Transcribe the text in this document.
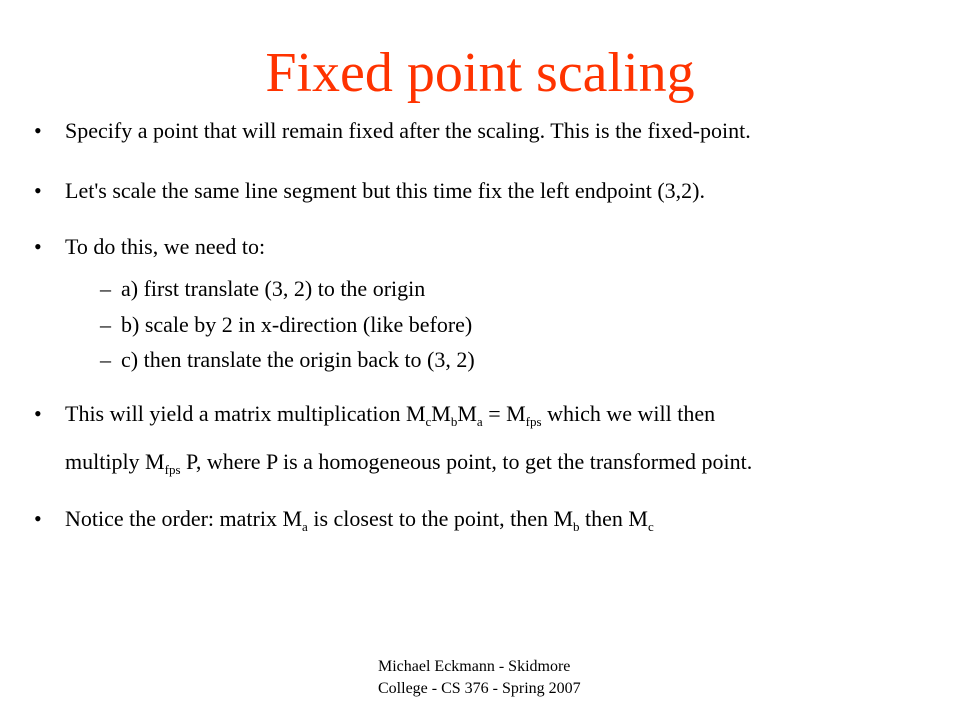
Fixed point scaling
• Specify a point that will remain fixed after the scaling. This is the fixed-point.
• Let's scale the same line segment but this time fix the left endpoint (3,2).
• To do this, we need to:
– a) first translate (3, 2) to the origin
– b) scale by 2 in x-direction (like before)
– c) then translate the origin back to (3, 2)
• This will yield a matrix multiplication $M_cM_bM_a = M_{fps}$ which we will then
multiply $M_{fps}$ P, where P is a homogeneous point, to get the transformed point.
• Notice the order: matrix $M_a$ is closest to the point, then $M_b$ then $M_c$
Michael Eckmann - Skidmore
College - CS 376 - Spring 2007
